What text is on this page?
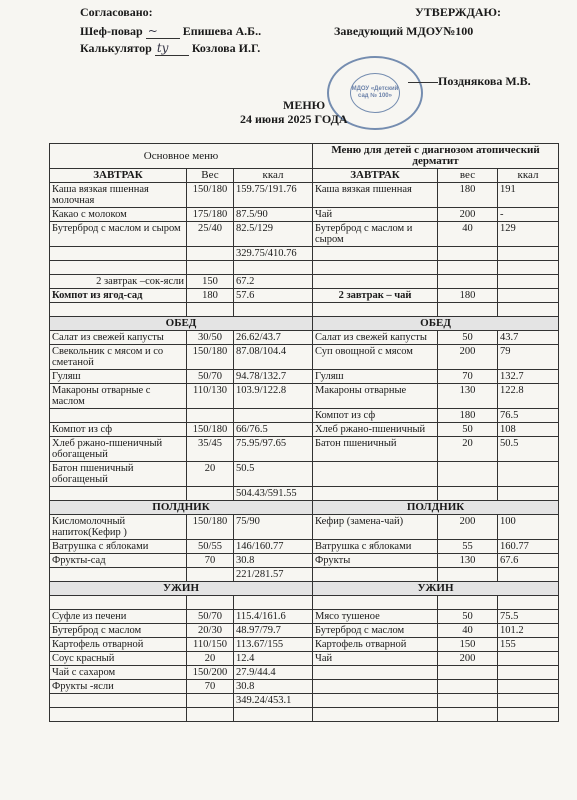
Согласовано:
Шеф-повар ~ Епишева А.Б..
Калькулятор ty Козлова И.Г.
УТВЕРЖДАЮ:
Заведующий МДОУ№100
МДОУ «Детский сад № 100»
Позднякова М.В.
МЕНЮ
24 июня 2025 ГОДА
Основное меню			Меню для детей с диагнозом атопический дерматит		
ЗАВТРАК	Вес	ккал	ЗАВТРАК	вес	ккал
Каша вязкая пшенная молочная	150/180	159.75/191.76	Каша вязкая пшенная	180	191
Какао с молоком	175/180	87.5/90	Чай	200	-
Бутерброд с маслом и сыром	25/40	82.5/129	Бутерброд с маслом и сыром	40	129
		329.75/410.76			

2 завтрак –сок-ясли	150	67.2			
Компот из ягод-сад	180	57.6	2 завтрак – чай	180	

ОБЕД			ОБЕД		
Салат из свежей капусты	30/50	26.62/43.7	Салат из свежей капусты	50	43.7
Свекольник с мясом и со сметаной	150/180	87.08/104.4	Суп овощной с мясом	200	79
Гуляш	50/70	94.78/132.7	Гуляш	70	132.7
Макароны отварные с маслом	110/130	103.9/122.8	Макароны отварные	130	122.8
			Компот из сф	180	76.5
Компот из сф	150/180	66/76.5	Хлеб ржано-пшеничный	50	108
Хлеб ржано-пшеничный обогащеный	35/45	75.95/97.65	Батон пшеничный	20	50.5
Батон пшеничный обогащеный	20	50.5			
		504.43/591.55			
ПОЛДНИК			ПОЛДНИК		
Кисломолочный напиток(Кефир )	150/180	75/90	Кефир (замена-чай)	200	100
Ватрушка с яблоками	50/55	146/160.77	Ватрушка с яблоками	55	160.77
Фрукты-сад	70	30.8	Фрукты	130	67.6
		221/281.57			
УЖИН			УЖИН		

Суфле из печени	50/70	115.4/161.6	Мясо тушеное	50	75.5
Бутерброд с маслом	20/30	48.97/79.7	Бутерброд с маслом	40	101.2
Картофель отварной	110/150	113.67/155	Картофель отварной	150	155
Соус красный	20	12.4	Чай	200	
Чай с сахаром	150/200	27.9/44.4			
Фрукты -ясли	70	30.8			
		349.24/453.1			
